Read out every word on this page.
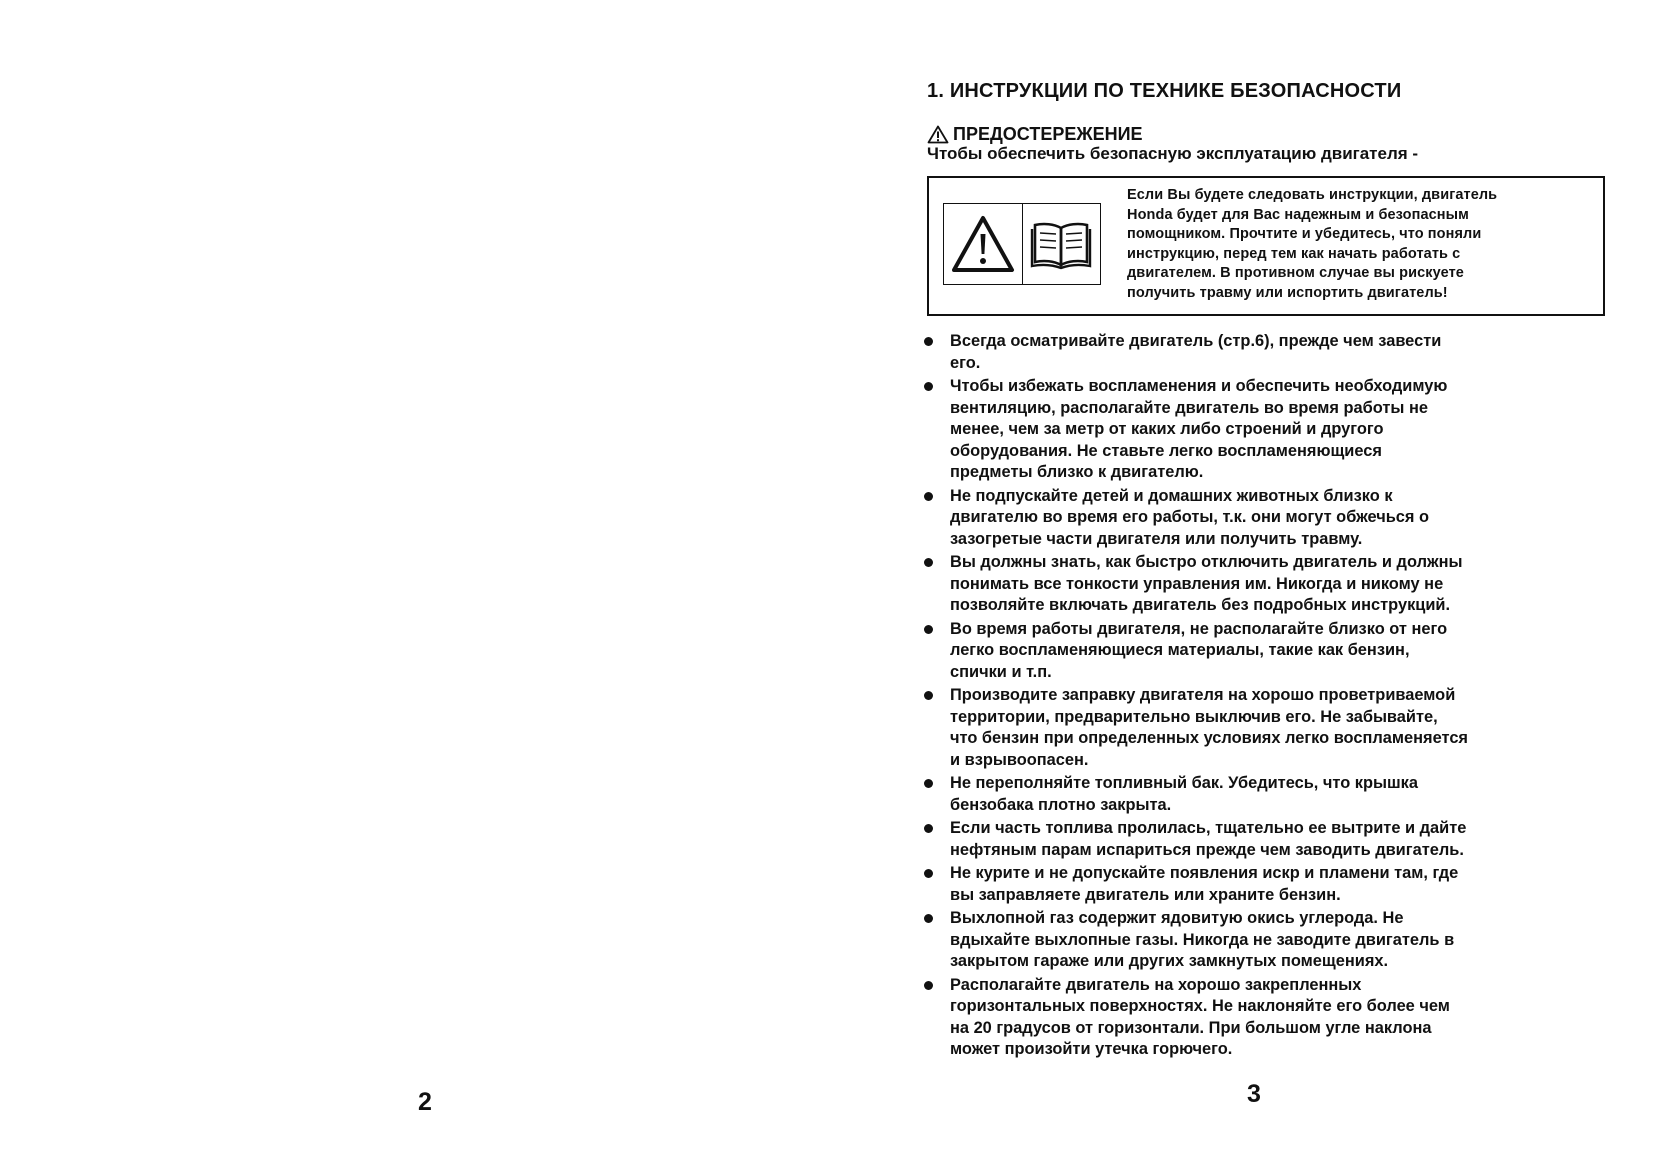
2
1. ИНСТРУКЦИИ ПО ТЕХНИКЕ БЕЗОПАСНОСТИ
ПРЕДОСТЕРЕЖЕНИЕ
Чтобы обеспечить безопасную эксплуатацию двигателя -
Если Вы будете следовать инструкции, двигатель
Honda будет для Вас надежным и безопасным
помощником. Прочтите и убедитесь, что поняли
инструкцию, перед тем как начать работать с
двигателем. В противном случае вы рискуете
получить травму или испортить двигатель!
Всегда осматривайте двигатель (стр.6), прежде чем завести
его.
Чтобы избежать воспламенения и обеспечить необходимую
вентиляцию, располагайте двигатель во время работы не
менее, чем за метр от каких либо строений и другого
оборудования. Не ставьте легко воспламеняющиеся
предметы близко к двигателю.
Не подпускайте детей и домашних животных близко к
двигателю во время его работы, т.к. они могут обжечься о
зазогретые части двигателя или получить травму.
Вы должны знать, как быстро отключить двигатель и должны
понимать все тонкости управления им. Никогда и никому не
позволяйте включать двигатель без подробных инструкций.
Во время работы двигателя, не располагайте близко от него
легко воспламеняющиеся материалы, такие как бензин,
спички и т.п.
Производите заправку двигателя на хорошо проветриваемой
территории, предварительно выключив его. Не забывайте,
что бензин при определенных условиях легко воспламеняется
и взрывоопасен.
Не переполняйте топливный бак. Убедитесь, что крышка
бензобака плотно закрыта.
Если часть топлива пролилась, тщательно ее вытрите и дайте
нефтяным парам испариться прежде чем заводить двигатель.
Не курите и не допускайте появления искр и пламени там, где
вы заправляете двигатель или храните бензин.
Выхлопной газ содержит ядовитую окись углерода. Не
вдыхайте выхлопные газы. Никогда не заводите двигатель в
закрытом гараже или других замкнутых помещениях.
Располагайте двигатель на хорошо закрепленных
горизонтальных поверхностях. Не наклоняйте его более чем
на 20 градусов от горизонтали. При большом угле наклона
может произойти утечка горючего.
3
